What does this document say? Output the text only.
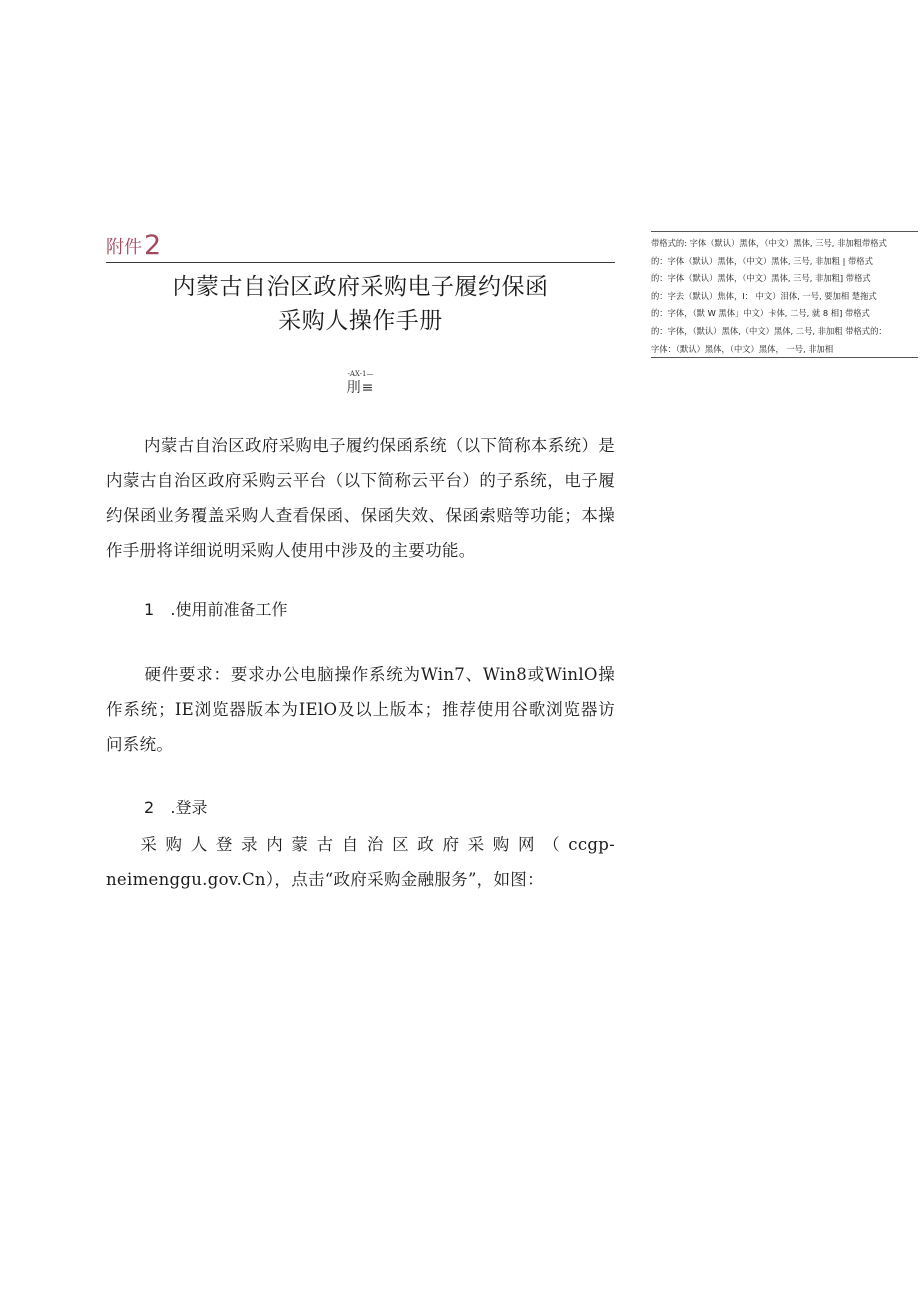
附件2
内蒙古自治区政府采购电子履约保函
采购人操作手册
-AX-1—
刖≡
内蒙古自治区政府采购电子履约保函系统（以下简称本系统）是内蒙古自治区政府采购云平台（以下简称云平台）的子系统，电子履约保函业务覆盖采购人查看保函、保函失效、保函索赔等功能；本操作手册将详细说明采购人使用中涉及的主要功能。
1 .使用前准备工作
硬件要求：要求办公电脑操作系统为Win7、Win8或WinlO操作系统；IE浏览器版本为IElO及以上版本；推荐使用谷歌浏览器访问系统。
2 .登录
采购人登录内蒙古自治区政府采购网（ccgp-neimenggu.gov.Cn），点击“政府采购金融服务”，如图：
带格式的: 字体（默认）黑体，（中文）黑体, 三号, 非加粗带格式
的：字体（默认）黑体，（中文）黑体, 三号, 非加粗 | 带格式
的：字体（默认）黑体，（中文）黑体, 三号, 非加粗] 带格式
的：字去（默认）焦体，I： 中文）泪体, 一号, 要加相 楚拖式
的：字体，（默 W 黑体」中文）卡体, 二号, 就 8 相] 带格式
的：字体，（默认）黑体,（中文）黑体, 二号, 非加粗 带格式的：
字体：（默认）黑体，（中文）黑体， 一号, 非加相
